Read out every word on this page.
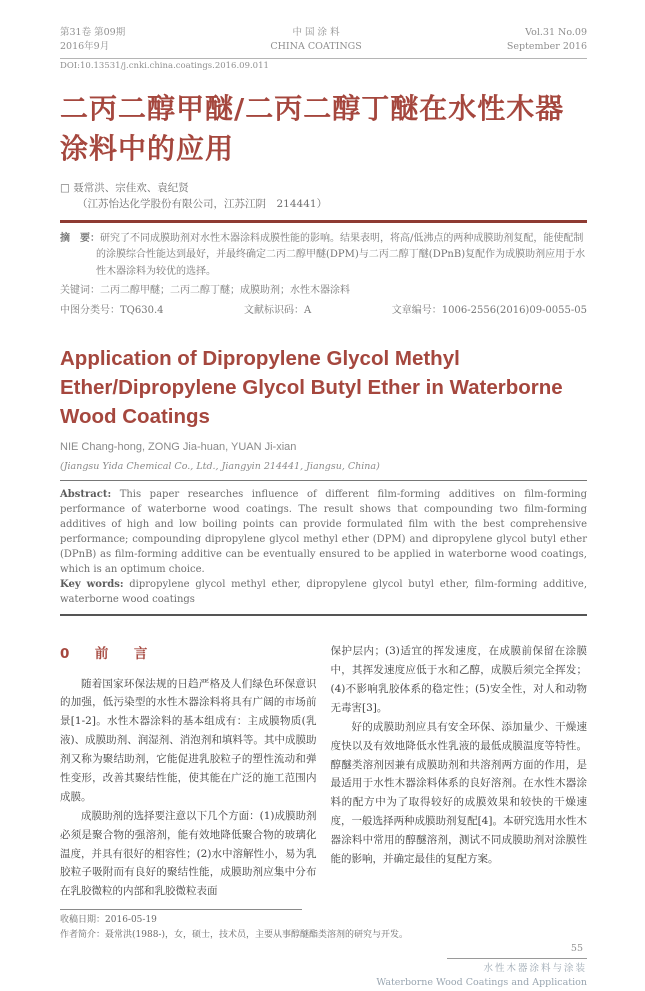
第31卷 第09期
2016年9月
中 国 涂 料
CHINA COATINGS
Vol.31 No.09
September 2016
DOI:10.13531/j.cnki.china.coatings.2016.09.011
二丙二醇甲醚/二丙二醇丁醚在水性木器涂料中的应用
□ 聂常洪、宗佳欢、袁纪贤
（江苏怡达化学股份有限公司，江苏江阴　214441）

摘　要：研究了不同成膜助剂对水性木器涂料成膜性能的影响。结果表明，将高/低沸点的两种成膜助剂复配，能使配制的涂膜综合性能达到最好，并最终确定二丙二醇甲醚(DPM)与二丙二醇丁醚(DPnB)复配作为成膜助剂应用于水性木器涂料为较优的选择。

关键词：二丙二醇甲醚；二丙二醇丁醚；成膜助剂；水性木器涂料

中图分类号：TQ630.4	文献标识码：A	文章编号：1006-2556(2016)09-0055-05
Application of Dipropylene Glycol Methyl Ether/Dipropylene Glycol Butyl Ether in Waterborne Wood Coatings
NIE Chang-hong, ZONG Jia-huan, YUAN Ji-xian
(Jiangsu Yida Chemical Co., Ltd., Jiangyin 214441, Jiangsu, China)

Abstract: This paper researches influence of different film-forming additives on film-forming performance of waterborne wood coatings. The result shows that compounding two film-forming additives of high and low boiling points can provide formulated film with the best comprehensive performance; compounding dipropylene glycol methyl ether (DPM) and dipropylene glycol butyl ether (DPnB) as film-forming additive can be eventually ensured to be applied in waterborne wood coatings, which is an optimum choice.

Key words: dipropylene glycol methyl ether, dipropylene glycol butyl ether, film-forming additive, waterborne wood coatings

0　前　言

随着国家环保法规的日趋严格及人们绿色环保意识的加强，低污染型的水性木器涂料将具有广阔的市场前景[1-2]。水性木器涂料的基本组成有：主成膜物质(乳液)、成膜助剂、润湿剂、消泡剂和填料等。其中成膜助剂又称为聚结助剂，它能促进乳胶粒子的塑性流动和弹性变形，改善其聚结性能，使其能在广泛的施工范围内成膜。

成膜助剂的选择要注意以下几个方面：(1)成膜助剂必须是聚合物的强溶剂，能有效地降低聚合物的玻璃化温度，并具有很好的相容性；(2)水中溶解性小，易为乳胶粒子吸附而有良好的聚结性能，成膜助剂应集中分布在乳胶微粒的内部和乳胶微粒表面

保护层内；(3)适宜的挥发速度，在成膜前保留在涂膜中，其挥发速度应低于水和乙醇，成膜后须完全挥发；(4)不影响乳胶体系的稳定性；(5)安全性，对人和动物无毒害[3]。

好的成膜助剂应具有安全环保、添加量少、干燥速度快以及有效地降低水性乳液的最低成膜温度等特性。醇醚类溶剂因兼有成膜助剂和共溶剂两方面的作用，是最适用于水性木器涂料体系的良好溶剂。在水性木器涂料的配方中为了取得较好的成膜效果和较快的干燥速度，一般选择两种成膜助剂复配[4]。本研究选用水性木器涂料中常用的醇醚溶剂，测试不同成膜助剂对涂膜性能的影响，并确定最佳的复配方案。

收稿日期：2016-05-19
作者简介：聂常洪(1988-)，女，硕士，技术员，主要从事醇醚酯类溶剂的研究与开发。
55
水性木器涂料与涂装
Waterborne Wood Coatings and Application
